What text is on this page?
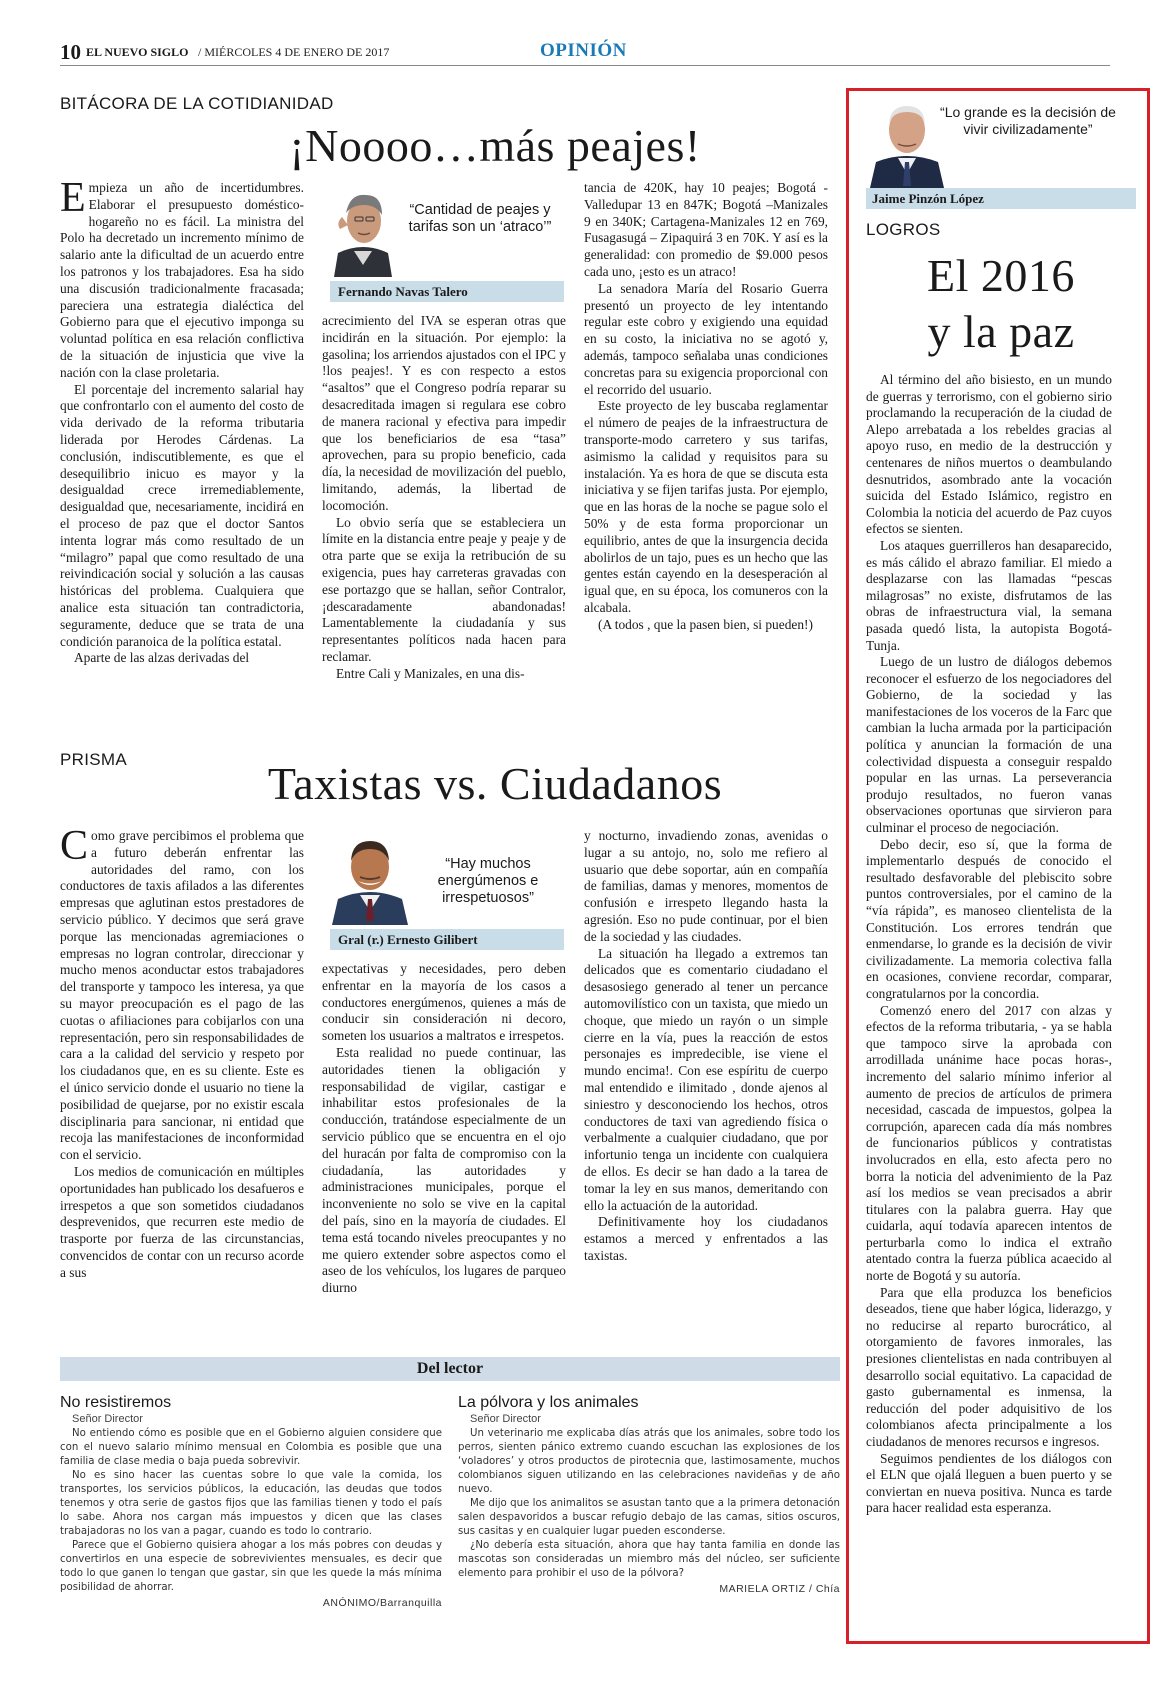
10 EL NUEVO SIGLO / MIÉRCOLES 4 DE ENERO DE 2017	OPINIÓN
BITÁCORA DE LA COTIDIANIDAD
¡Noooo…más peajes!

Empieza un año de incertidumbres. Elaborar el presupuesto doméstico-hogareño no es fácil. La ministra del Polo ha decretado un incremento mínimo de salario ante la dificultad de un acuerdo entre los patronos y los trabajadores. Esa ha sido una discusión tradicionalmente fracasada; pareciera una estrategia dialéctica del Gobierno para que el ejecutivo imponga su voluntad política en esa relación conflictiva de la situación de injusticia que vive la nación con la clase proletaria.

El porcentaje del incremento salarial hay que confrontarlo con el aumento del costo de vida derivado de la reforma tributaria liderada por Herodes Cárdenas. La conclusión, indiscutiblemente, es que el desequilibrio inicuo es mayor y la desigualdad crece irremediablemente, desigualdad que, necesariamente, incidirá en el proceso de paz que el doctor Santos intenta lograr más como resultado de un “milagro” papal que como resultado de una reivindicación social y solución a las causas históricas del problema. Cualquiera que analice esta situación tan contradictoria, seguramente, deduce que se trata de una condición paranoica de la política estatal.

Aparte de las alzas derivadas del

“Cantidad de peajes y tarifas son un ‘atraco’”
Fernando Navas Talero

acrecimiento del IVA se esperan otras que incidirán en la situación. Por ejemplo: la gasolina; los arriendos ajustados con el IPC y !los peajes!. Y es con respecto a estos “asaltos” que el Congreso podría reparar su desacreditada imagen si regulara ese cobro de manera racional y efectiva para impedir que los beneficiarios de esa “tasa” aprovechen, para su propio beneficio, cada día, la necesidad de movilización del pueblo, limitando, además, la libertad de locomoción.

Lo obvio sería que se estableciera un límite en la distancia entre peaje y peaje y de otra parte que se exija la retribución de su exigencia, pues hay carreteras gravadas con ese portazgo que se hallan, señor Contralor, ¡descaradamente abandonadas! Lamentablemente la ciudadanía y sus representantes políticos nada hacen para reclamar.

Entre Cali y Manizales, en una dis-

tancia de 420K, hay 10 peajes; Bogotá -Valledupar 13 en 847K; Bogotá –Manizales 9 en 340K; Cartagena-Manizales 12 en 769, Fusagasugá – Zipaquirá 3 en 70K. Y así es la generalidad: con promedio de $9.000 pesos cada uno, ¡esto es un atraco!

La senadora María del Rosario Guerra presentó un proyecto de ley intentando regular este cobro y exigiendo una equidad en su costo, la iniciativa no se agotó y, además, tampoco señalaba unas condiciones concretas para su exigencia proporcional con el recorrido del usuario.

Este proyecto de ley buscaba reglamentar el número de peajes de la infraestructura de transporte-modo carretero y sus tarifas, asimismo la calidad y requisitos para su instalación. Ya es hora de que se discuta esta iniciativa y se fijen tarifas justa. Por ejemplo, que en las horas de la noche se pague solo el 50% y de esta forma proporcionar un equilibrio, antes de que la insurgencia decida abolirlos de un tajo, pues es un hecho que las gentes están cayendo en la desesperación al igual que, en su época, los comuneros con la alcabala.

(A todos , que la pasen bien, si pueden!)

PRISMA	Taxistas vs. Ciudadanos

Como grave percibimos el problema que a futuro deberán enfrentar las autoridades del ramo, con los conductores de taxis afilados a las diferentes empresas que aglutinan estos prestadores de servicio público. Y decimos que será grave porque las mencionadas agremiaciones o empresas no logran controlar, direccionar y mucho menos aconductar estos trabajadores del transporte y tampoco les interesa, ya que su mayor preocupación es el pago de las cuotas o afiliaciones para cobijarlos con una representación, pero sin responsabilidades de cara a la calidad del servicio y respeto por los ciudadanos que, en es su cliente. Este es el único servicio donde el usuario no tiene la posibilidad de quejarse, por no existir escala disciplinaria para sancionar, ni entidad que recoja las manifestaciones de inconformidad con el servicio.

Los medios de comunicación en múltiples oportunidades han publicado los desafueros e irrespetos a que son sometidos ciudadanos desprevenidos, que recurren este medio de trasporte por fuerza de las circunstancias, convencidos de contar con un recurso acorde a sus

“Hay muchos energúmenos e irrespetuosos”
Gral (r.) Ernesto Gilibert

expectativas y necesidades, pero deben enfrentar en la mayoría de los casos a conductores energúmenos, quienes a más de conducir sin consideración ni decoro, someten los usuarios a maltratos e irrespetos.

Esta realidad no puede continuar, las autoridades tienen la obligación y responsabilidad de vigilar, castigar e inhabilitar estos profesionales de la conducción, tratándose especialmente de un servicio público que se encuentra en el ojo del huracán por falta de compromiso con la ciudadanía, las autoridades y administraciones municipales, porque el inconveniente no solo se vive en la capital del país, sino en la mayoría de ciudades. El tema está tocando niveles preocupantes y no me quiero extender sobre aspectos como el aseo de los vehículos, los lugares de parqueo diurno

y nocturno, invadiendo zonas, avenidas o lugar a su antojo, no, solo me refiero al usuario que debe soportar, aún en compañía de familias, damas y menores, momentos de confusión e irrespeto llegando hasta la agresión. Eso no pude continuar, por el bien de la sociedad y las ciudades.

La situación ha llegado a extremos tan delicados que es comentario ciudadano el desasosiego generado al tener un percance automovilístico con un taxista, que miedo un choque, que miedo un rayón o un simple cierre en la vía, pues la reacción de estos personajes es impredecible, ise viene el mundo encima!. Con ese espíritu de cuerpo mal entendido e ilimitado , donde ajenos al siniestro y desconociendo los hechos, otros conductores de taxi van agrediendo física o verbalmente a cualquier ciudadano, que por infortunio tenga un incidente con cualquiera de ellos. Es decir se han dado a la tarea de tomar la ley en sus manos, demeritando con ello la actuación de la autoridad.

Definitivamente hoy los ciudadanos estamos a merced y enfrentados a las taxistas.

Del lector
No resistiremos
Señor Director

No entiendo cómo es posible que en el Gobierno alguien considere que con el nuevo salario mínimo mensual en Colombia es posible que una familia de clase media o baja pueda sobrevivir.

No es sino hacer las cuentas sobre lo que vale la comida, los transportes, los servicios públicos, la educación, las deudas que todos tenemos y otra serie de gastos fijos que las familias tienen y todo el país lo sabe. Ahora nos cargan más impuestos y dicen que las clases trabajadoras no los van a pagar, cuando es todo lo contrario.

Parece que el Gobierno quisiera ahogar a los más pobres con deudas y convertirlos en una especie de sobrevivientes mensuales, es decir que todo lo que ganen lo tengan que gastar, sin que les quede la más mínima posibilidad de ahorrar.

ANÓNIMO/Barranquilla
La pólvora y los animales
Señor Director

Un veterinario me explicaba días atrás que los animales, sobre todo los perros, sienten pánico extremo cuando escuchan las explosiones de los ‘voladores’ y otros productos de pirotecnia que, lastimosamente, muchos colombianos siguen utilizando en las celebraciones navideñas y de año nuevo.

Me dijo que los animalitos se asustan tanto que a la primera detonación salen despavoridos a buscar refugio debajo de las camas, sitios oscuros, sus casitas y en cualquier lugar pueden esconderse.

¿No debería esta situación, ahora que hay tanta familia en donde las mascotas son consideradas un miembro más del núcleo, ser suficiente elemento para prohibir el uso de la pólvora?

MARIELA ORTIZ / Chía
“Lo grande es la decisión de vivir civilizadamente”
Jaime Pinzón López
LOGROS
El 2016
y la paz

Al término del año bisiesto, en un mundo de guerras y terrorismo, con el gobierno sirio proclamando la recuperación de la ciudad de Alepo arrebatada a los rebeldes gracias al apoyo ruso, en medio de la destrucción y centenares de niños muertos o deambulando desnutridos, asombrado ante la vocación suicida del Estado Islámico, registro en Colombia la noticia del acuerdo de Paz cuyos efectos se sienten.

Los ataques guerrilleros han desaparecido, es más cálido el abrazo familiar. El miedo a desplazarse con las llamadas “pescas milagrosas” no existe, disfrutamos de las obras de infraestructura vial, la semana pasada quedó lista, la autopista Bogotá- Tunja.

Luego de un lustro de diálogos debemos reconocer el esfuerzo de los negociadores del Gobierno, de la sociedad y las manifestaciones de los voceros de la Farc que cambian la lucha armada por la participación política y anuncian la formación de una colectividad dispuesta a conseguir respaldo popular en las urnas. La perseverancia produjo resultados, no fueron vanas observaciones oportunas que sirvieron para culminar el proceso de negociación.

Debo decir, eso sí, que la forma de implementarlo después de conocido el resultado desfavorable del plebiscito sobre puntos controversiales, por el camino de la “vía rápida”, es manoseo clientelista de la Constitución. Los errores tendrán que enmendarse, lo grande es la decisión de vivir civilizadamente. La memoria colectiva falla en ocasiones, conviene recordar, comparar, congratularnos por la concordia.

Comenzó enero del 2017 con alzas y efectos de la reforma tributaria, - ya se habla que tampoco sirve la aprobada con arrodillada unánime hace pocas horas-, incremento del salario mínimo inferior al aumento de precios de artículos de primera necesidad, cascada de impuestos, golpea la corrupción, aparecen cada día más nombres de funcionarios públicos y contratistas involucrados en ella, esto afecta pero no borra la noticia del advenimiento de la Paz así los medios se vean precisados a abrir titulares con la palabra guerra. Hay que cuidarla, aquí todavía aparecen intentos de perturbarla como lo indica el extraño atentado contra la fuerza pública acaecido al norte de Bogotá y su autoría.

Para que ella produzca los beneficios deseados, tiene que haber lógica, liderazgo, y no reducirse al reparto burocrático, al otorgamiento de favores inmorales, las presiones clientelistas en nada contribuyen al desarrollo social equitativo. La capacidad de gasto gubernamental es inmensa, la reducción del poder adquisitivo de los colombianos afecta principalmente a los ciudadanos de menores recursos e ingresos.

Seguimos pendientes de los diálogos con el ELN que ojalá lleguen a buen puerto y se conviertan en nueva positiva. Nunca es tarde para hacer realidad esta esperanza.
